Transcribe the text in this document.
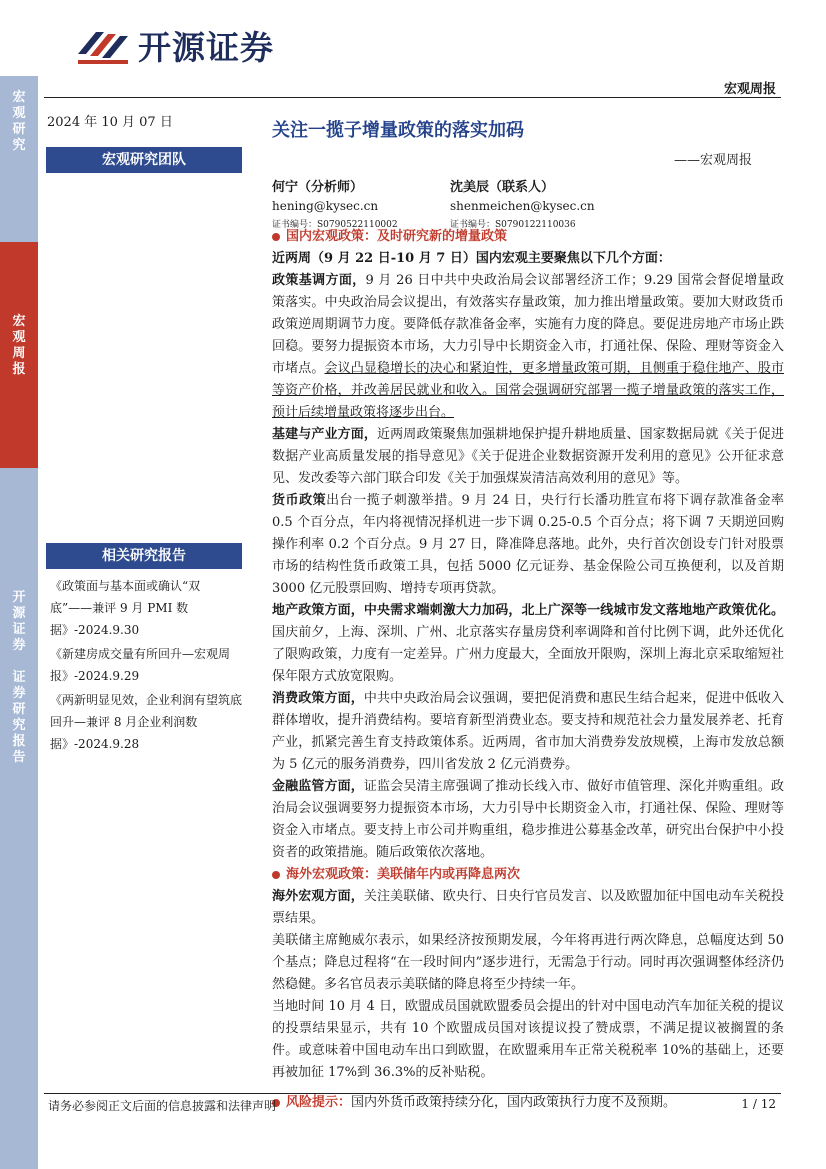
宏
观
研
究
宏
观
周
报
开
源
证
券

证
券
研
究
报
告
开源证券
宏观周报
2024 年 10 月 07 日	关注一揽子增量政策的落实加码
——宏观周报
宏观研究团队
何宁（分析师）
hening@kysec.cn
证书编号：S0790522110002
沈美辰（联系人）
shenmeichen@kysec.cn
证书编号：S0790122110036
相关研究报告
《政策面与基本面或确认“双底”——兼评 9 月 PMI 数据》-2024.9.30
《新建房成交量有所回升—宏观周报》-2024.9.29
《两新明显见效，企业利润有望筑底回升—兼评 8 月企业利润数据》-2024.9.28
国内宏观政策：及时研究新的增量政策

近两周（9 月 22 日-10 月 7 日）国内宏观主要聚焦以下几个方面：

政策基调方面，9 月 26 日中共中央政治局会议部署经济工作；9.29 国常会督促增量政策落实。中央政治局会议提出，有效落实存量政策，加力推出增量政策。要加大财政货币政策逆周期调节力度。要降低存款准备金率，实施有力度的降息。要促进房地产市场止跌回稳。要努力提振资本市场，大力引导中长期资金入市，打通社保、保险、理财等资金入市堵点。会议凸显稳增长的决心和紧迫性，更多增量政策可期，且侧重于稳住地产、股市等资产价格，并改善居民就业和收入。国常会强调研究部署一揽子增量政策的落实工作，预计后续增量政策将逐步出台。

基建与产业方面，近两周政策聚焦加强耕地保护提升耕地质量、国家数据局就《关于促进数据产业高质量发展的指导意见》《关于促进企业数据资源开发利用的意见》公开征求意见、发改委等六部门联合印发《关于加强煤炭清洁高效利用的意见》等。

货币政策出台一揽子刺激举措。9 月 24 日，央行行长潘功胜宣布将下调存款准备金率 0.5 个百分点，年内将视情况择机进一步下调 0.25-0.5 个百分点；将下调 7 天期逆回购操作利率 0.2 个百分点。9 月 27 日，降准降息落地。此外，央行首次创设专门针对股票市场的结构性货币政策工具，包括 5000 亿元证券、基金保险公司互换便利，以及首期 3000 亿元股票回购、增持专项再贷款。

地产政策方面，中央需求端刺激大力加码，北上广深等一线城市发文落地地产政策优化。国庆前夕，上海、深圳、广州、北京落实存量房贷利率调降和首付比例下调，此外还优化了限购政策，力度有一定差异。广州力度最大，全面放开限购，深圳上海北京采取缩短社保年限方式放宽限购。

消费政策方面，中共中央政治局会议强调，要把促消费和惠民生结合起来，促进中低收入群体增收，提升消费结构。要培育新型消费业态。要支持和规范社会力量发展养老、托育产业，抓紧完善生育支持政策体系。近两周，省市加大消费券发放规模，上海市发放总额为 5 亿元的服务消费券，四川省发放 2 亿元消费券。

金融监管方面，证监会吴清主席强调了推动长线入市、做好市值管理、深化并购重组。政治局会议强调要努力提振资本市场，大力引导中长期资金入市，打通社保、保险、理财等资金入市堵点。要支持上市公司并购重组，稳步推进公募基金改革，研究出台保护中小投资者的政策措施。随后政策依次落地。

海外宏观政策：美联储年内或再降息两次

海外宏观方面，关注美联储、欧央行、日央行官员发言、以及欧盟加征中国电动车关税投票结果。

美联储主席鲍威尔表示，如果经济按预期发展，今年将再进行两次降息，总幅度达到 50 个基点；降息过程将“在一段时间内”逐步进行，无需急于行动。同时再次强调整体经济仍然稳健。多名官员表示美联储的降息将至少持续一年。

当地时间 10 月 4 日，欧盟成员国就欧盟委员会提出的针对中国电动汽车加征关税的提议的投票结果显示，共有 10 个欧盟成员国对该提议投了赞成票，不满足提议被搁置的条件。或意味着中国电动车出口到欧盟，在欧盟乘用车正常关税税率 10%的基础上，还要再被加征 17%到 36.3%的反补贴税。

风险提示：国内外货币政策持续分化，国内政策执行力度不及预期。

请务必参阅正文后面的信息披露和法律声明	1 / 12
